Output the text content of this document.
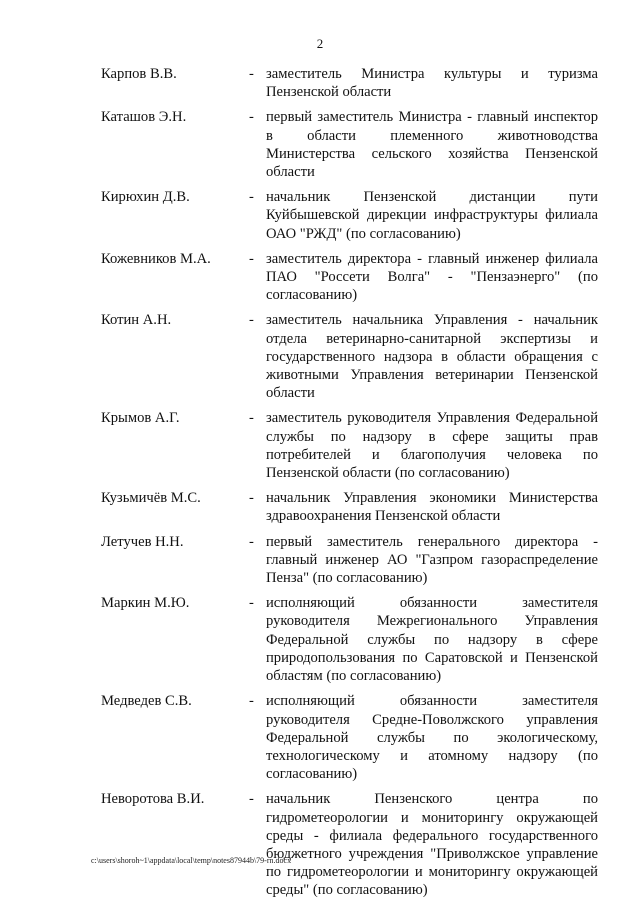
2
Карпов В.В.	- заместитель Министра культуры и туризма Пензенской области
Каташов Э.Н.	- первый заместитель Министра - главный инспектор в области племенного животноводства Министерства сельского хозяйства Пензенской области
Кирюхин Д.В.	- начальник Пензенской дистанции пути Куйбышевской дирекции инфраструктуры филиала ОАО "РЖД" (по согласованию)
Кожевников М.А.	- заместитель директора - главный инженер филиала ПАО "Россети Волга" - "Пензаэнерго" (по согласованию)
Котин А.Н.	- заместитель начальника Управления - начальник отдела ветеринарно-санитарной экспертизы и государственного надзора в области обращения с животными Управления ветеринарии Пензенской области
Крымов А.Г.	- заместитель руководителя Управления Федеральной службы по надзору в сфере защиты прав потребителей и благополучия человека по Пензенской области (по согласованию)
Кузьмичёв М.С.	- начальник Управления экономики Министерства здравоохранения Пензенской области
Летучев Н.Н.	- первый заместитель генерального директора - главный инженер АО "Газпром газораспределение Пенза" (по согласованию)
Маркин М.Ю.	- исполняющий обязанности заместителя руководителя Межрегионального Управления Федеральной службы по надзору в сфере природопользования по Саратовской и Пензенской областям (по согласованию)
Медведев С.В.	- исполняющий обязанности заместителя руководителя Средне-Поволжского управления Федеральной службы по экологическому, технологическому и атомному надзору (по согласованию)
Неворотова В.И.	- начальник Пензенского центра по гидрометеорологии и мониторингу окружающей среды - филиала федерального государственного бюджетного учреждения "Приволжское управление по гидрометеорологии и мониторингу окружающей среды" (по согласованию)
c:\users\shoroh~1\appdata\local\temp\notes87944b\79-rn.docx
